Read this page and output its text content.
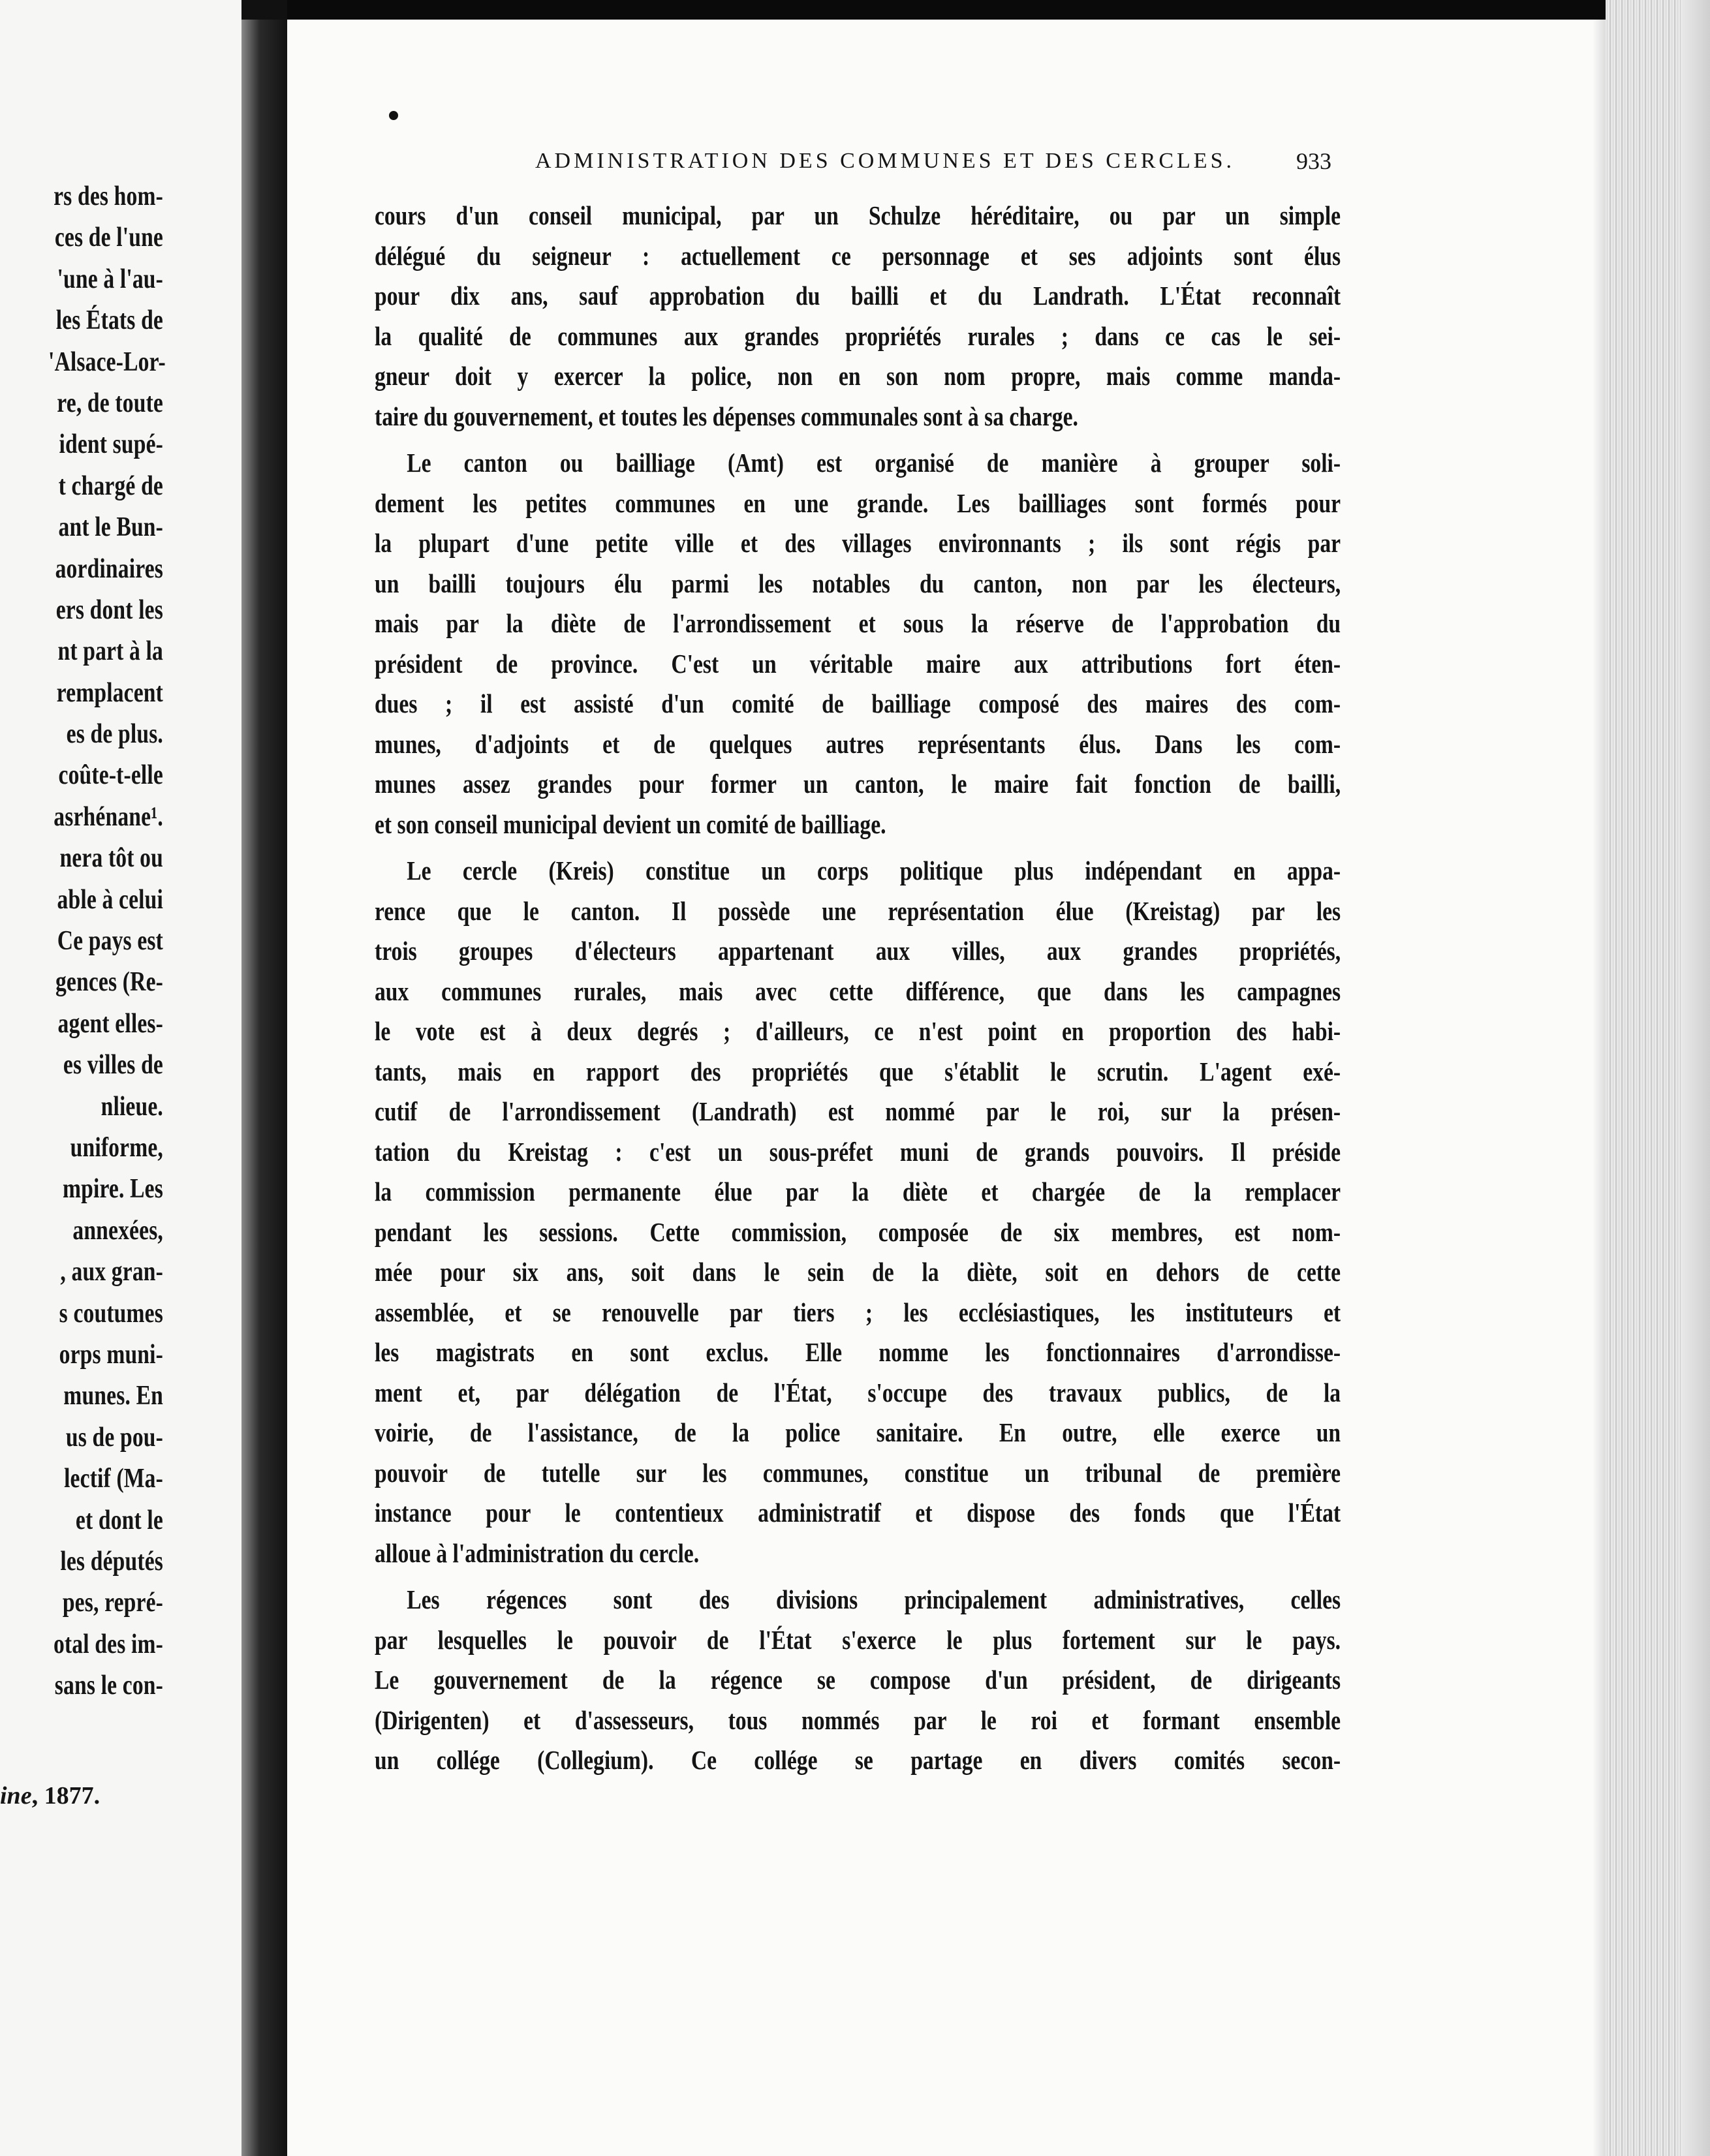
rs des hom-
ces de l'une
'une à l'au-
les États de
'Alsace-Lor-
re, de toute
ident supé-
t chargé de
ant le Bun-
aordinaires
ers dont les
nt part à la
remplacent
es de plus.
coûte-t-elle
asrhénane¹.
nera tôt ou
able à celui
Ce pays est
gences (Re-
agent elles-
es villes de
nlieue.
uniforme,
mpire. Les
annexées,
, aux gran-
s coutumes
orps muni-
munes. En
us de pou-
lectif (Ma-
et dont le
les députés
pes, repré-
otal des im-
sans le con-
ine, 1877.
ADMINISTRATION DES COMMUNES ET DES CERCLES.	933
cours d'un conseil municipal, par un Schulze héréditaire, ou par un simple
délégué du seigneur : actuellement ce personnage et ses adjoints sont élus
pour dix ans, sauf approbation du bailli et du Landrath. L'État reconnaît
la qualité de communes aux grandes propriétés rurales ; dans ce cas le sei-
gneur doit y exercer la police, non en son nom propre, mais comme manda-
taire du gouvernement, et toutes les dépenses communales sont à sa charge.
Le canton ou bailliage (Amt) est organisé de manière à grouper soli-
dement les petites communes en une grande. Les bailliages sont formés pour
la plupart d'une petite ville et des villages environnants ; ils sont régis par
un bailli toujours élu parmi les notables du canton, non par les électeurs,
mais par la diète de l'arrondissement et sous la réserve de l'approbation du
président de province. C'est un véritable maire aux attributions fort éten-
dues ; il est assisté d'un comité de bailliage composé des maires des com-
munes, d'adjoints et de quelques autres représentants élus. Dans les com-
munes assez grandes pour former un canton, le maire fait fonction de bailli,
et son conseil municipal devient un comité de bailliage.
Le cercle (Kreis) constitue un corps politique plus indépendant en appa-
rence que le canton. Il possède une représentation élue (Kreistag) par les
trois groupes d'électeurs appartenant aux villes, aux grandes propriétés,
aux communes rurales, mais avec cette différence, que dans les campagnes
le vote est à deux degrés ; d'ailleurs, ce n'est point en proportion des habi-
tants, mais en rapport des propriétés que s'établit le scrutin. L'agent exé-
cutif de l'arrondissement (Landrath) est nommé par le roi, sur la présen-
tation du Kreistag : c'est un sous-préfet muni de grands pouvoirs. Il préside
la commission permanente élue par la diète et chargée de la remplacer
pendant les sessions. Cette commission, composée de six membres, est nom-
mée pour six ans, soit dans le sein de la diète, soit en dehors de cette
assemblée, et se renouvelle par tiers ; les ecclésiastiques, les instituteurs et
les magistrats en sont exclus. Elle nomme les fonctionnaires d'arrondisse-
ment et, par délégation de l'État, s'occupe des travaux publics, de la
voirie, de l'assistance, de la police sanitaire. En outre, elle exerce un
pouvoir de tutelle sur les communes, constitue un tribunal de première
instance pour le contentieux administratif et dispose des fonds que l'État
alloue à l'administration du cercle.
Les régences sont des divisions principalement administratives, celles
par lesquelles le pouvoir de l'État s'exerce le plus fortement sur le pays.
Le gouvernement de la régence se compose d'un président, de dirigeants
(Dirigenten) et d'assesseurs, tous nommés par le roi et formant ensemble
un collége (Collegium). Ce collége se partage en divers comités secon-
